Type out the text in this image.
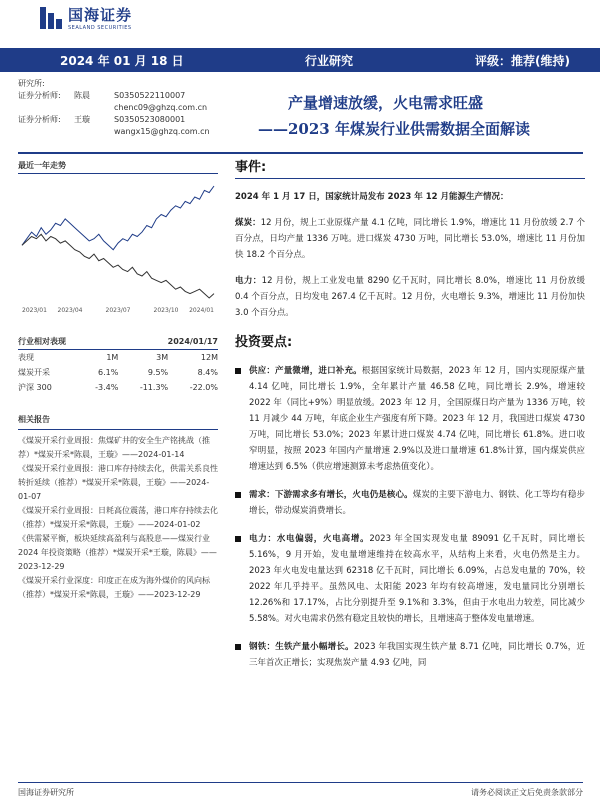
国海证券
SEALAND SECURITIES
2024 年 01 月 18 日	行业研究	评级：推荐(维持)
研究所:
证券分析师:	陈晨	S0350522110007
chenc09@ghzq.com.cn
证券分析师:	王璇	S0350523080001
wangx15@ghzq.com.cn
产量增速放缓，火电需求旺盛
——2023 年煤炭行业供需数据全面解读
最近一年走势
2023/01 2023/04	2023/07	2023/10 2024/01
行业相对表现		2024/01/17	
表现	1M	3M	12M
煤炭开采	6.1%	9.5%	8.4%
沪深 300	-3.4%	-11.3%	-22.0%
相关报告
《煤炭开采行业周报：焦煤矿井的安全生产铭挑战（推荐）*煤炭开采*陈晨，王璇》——2024-01-14
《煤炭开采行业周报：港口库存持续去化，供需关系良性转折延续（推荐）*煤炭开采*陈晨，王璇》——2024-01-07
《煤炭开采行业周报：日耗高位震荡，港口库存持续去化（推荐）*煤炭开采*陈晨，王璇》——2024-01-02
《供需紧平衡，板块延续高盈利与高股息——煤炭行业 2024 年投资策略（推荐）*煤炭开采*王璇，陈晨》——2023-12-29
《煤炭开采行业深度：印度正在成为海外煤价的风向标（推荐）*煤炭开采*陈晨，王璇》——2023-12-29
事件:
2024 年 1 月 17 日，国家统计局发布 2023 年 12 月能源生产情况：
煤炭：12 月份，规上工业原煤产量 4.1 亿吨，同比增长 1.9%，增速比 11 月份放缓 2.7 个百分点，日均产量 1336 万吨。进口煤炭 4730 万吨，同比增长 53.0%，增速比 11 月份加快 18.2 个百分点。
电力：12 月份，规上工业发电量 8290 亿千瓦时，同比增长 8.0%，增速比 11 月份放缓 0.4 个百分点，日均发电 267.4 亿千瓦时。12 月份，火电增长 9.3%，增速比 11 月份加快 3.0 个百分点。
投资要点:
供应：产量微增，进口补充。根据国家统计局数据，2023 年 12 月，国内实现原煤产量 4.14 亿吨，同比增长 1.9%，全年累计产量 46.58 亿吨，同比增长 2.9%，增速较 2022 年（同比+9%）明显放缓。2023 年 12 月，全国原煤日均产量为 1336 万吨，较 11 月减少 44 万吨，年底企业生产强度有所下降。2023 年 12 月，我国进口煤炭 4730 万吨，同比增长 53.0%；2023 年累计进口煤炭 4.74 亿吨，同比增长 61.8%。进口收窄明显，按照 2023 年国内产量增速 2.9%以及进口量增速 61.8%计算，国内煤炭供应增速达到 6.5%（供应增速测算未考虑热值变化）。
需求：下游需求多有增长，火电仍是核心。煤炭的主要下游电力、钢铁、化工等均有稳步增长，带动煤炭消费增长。
电力：水电偏弱，火电高增。2023 年全国实现发电量 89091 亿千瓦时，同比增长 5.16%，9 月开始，发电量增速维持在较高水平，从结构上来看，火电仍然是主力。2023 年火电发电量达到 62318 亿千瓦时，同比增长 6.09%，占总发电量的 70%，较 2022 年几乎持平。虽然风电、太阳能 2023 年均有较高增速，发电量同比分别增长 12.26%和 17.17%，占比分别提升至 9.1%和 3.3%，但由于水电出力较差，同比减少 5.58%。对火电需求仍然有稳定且较快的增长，且增速高于整体发电量增速。
钢铁：生铁产量小幅增长。2023 年我国实现生铁产量 8.71 亿吨，同比增长 0.7%，近三年首次正增长；实现焦炭产量 4.93 亿吨，同
国海证券研究所	请务必阅读正文后免责条款部分
